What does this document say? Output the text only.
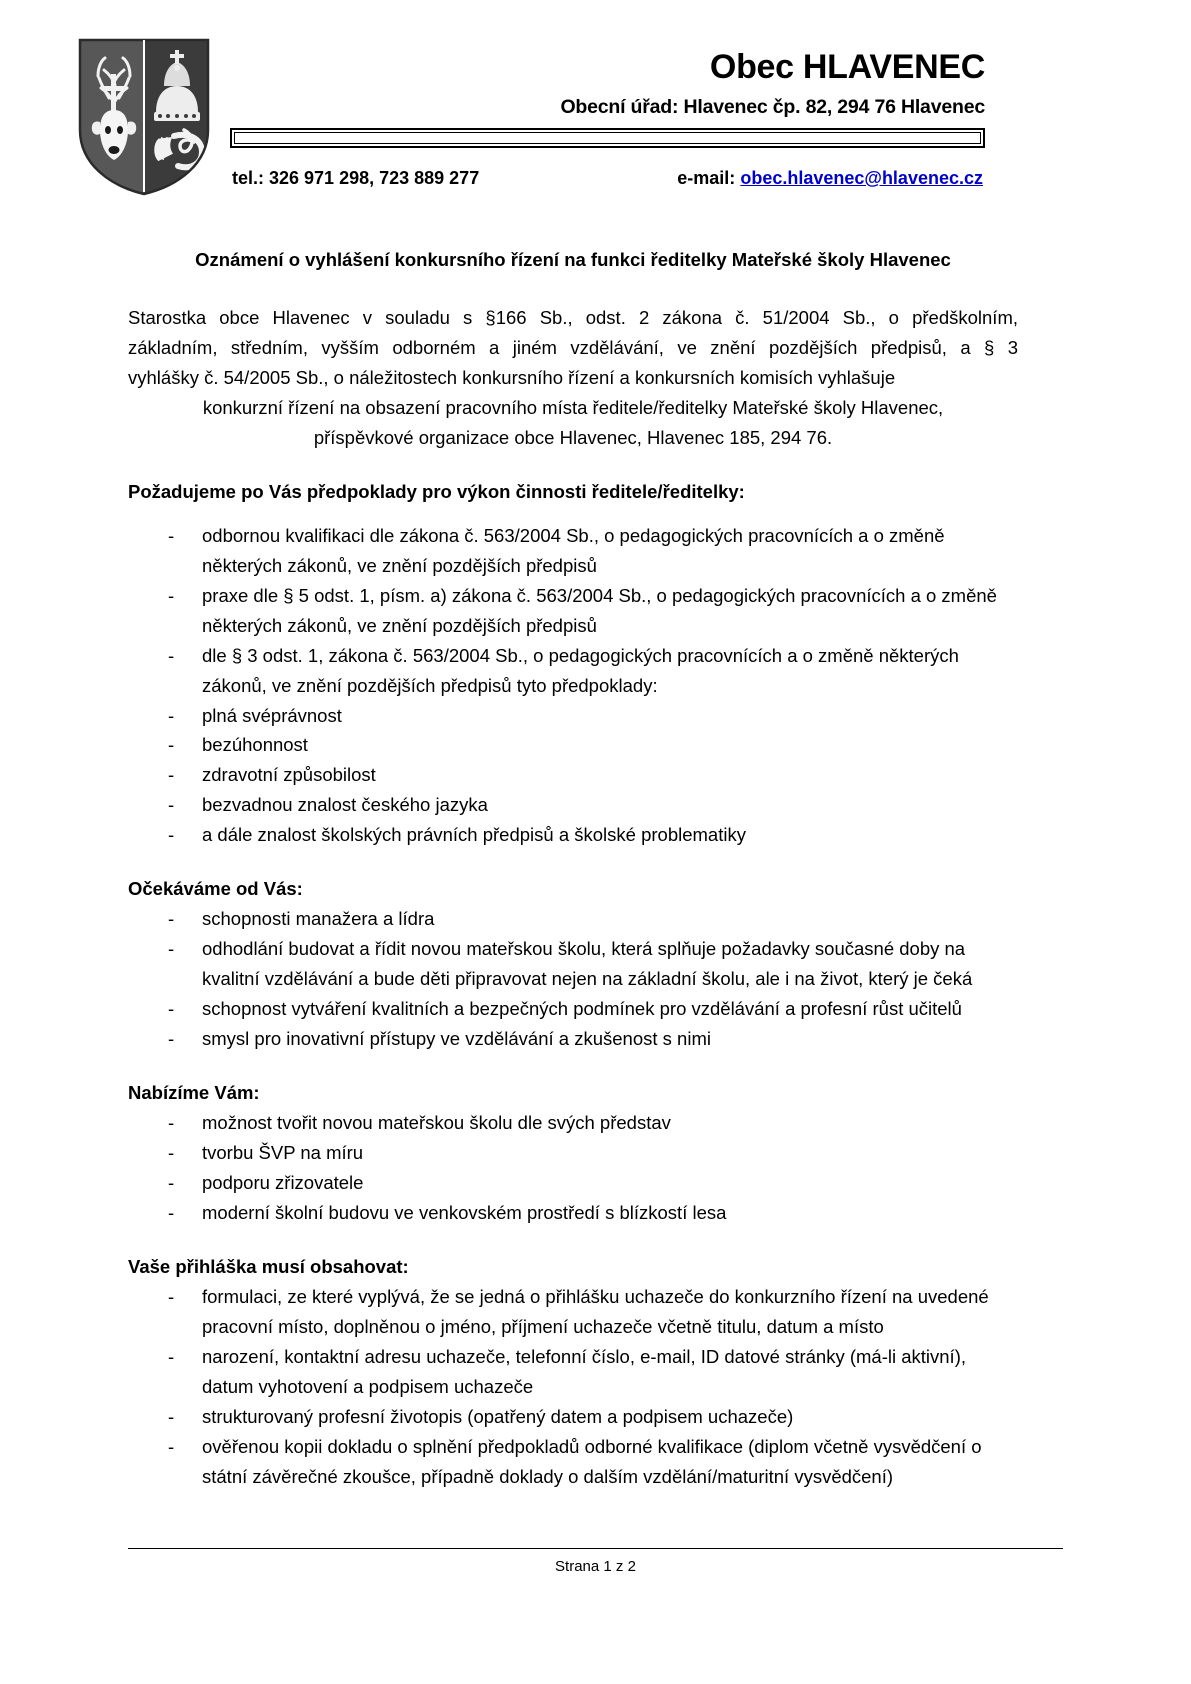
Obec HLAVENEC
Obecní úřad: Hlavenec čp. 82, 294 76 Hlavenec
tel.: 326 971 298, 723 889 277	e-mail: obec.hlavenec@hlavenec.cz
Oznámení o vyhlášení konkursního řízení na funkci ředitelky Mateřské školy Hlavenec

Starostka obce Hlavenec v souladu s §166 Sb., odst. 2 zákona č. 51/2004 Sb., o předškolním,

základním, středním, vyšším odborném a jiném vzdělávání, ve znění pozdějších předpisů, a § 3

vyhlášky č. 54/2005 Sb., o náležitostech konkursního řízení a konkursních komisích vyhlašuje

konkurzní řízení na obsazení pracovního místa ředitele/ředitelky Mateřské školy Hlavenec,

příspěvkové organizace obce Hlavenec, Hlavenec 185, 294 76.

Požadujeme po Vás předpoklady pro výkon činnosti ředitele/ředitelky:
- odbornou kvalifikaci dle zákona č. 563/2004 Sb., o pedagogických pracovnících a o změně některých zákonů, ve znění pozdějších předpisů
- praxe dle § 5 odst. 1, písm. a) zákona č. 563/2004 Sb., o pedagogických pracovnících a o změně některých zákonů, ve znění pozdějších předpisů
- dle § 3 odst. 1, zákona č. 563/2004 Sb., o pedagogických pracovnících a o změně některých zákonů, ve znění pozdějších předpisů tyto předpoklady:
- plná svéprávnost
- bezúhonnost
- zdravotní způsobilost
- bezvadnou znalost českého jazyka
- a dále znalost školských právních předpisů a školské problematiky
Očekáváme od Vás:
- schopnosti manažera a lídra
- odhodlání budovat a řídit novou mateřskou školu, která splňuje požadavky současné doby na kvalitní vzdělávání a bude děti připravovat nejen na základní školu, ale i na život, který je čeká
- schopnost vytváření kvalitních a bezpečných podmínek pro vzdělávání a profesní růst učitelů
- smysl pro inovativní přístupy ve vzdělávání a zkušenost s nimi
Nabízíme Vám:
- možnost tvořit novou mateřskou školu dle svých představ
- tvorbu ŠVP na míru
- podporu zřizovatele
- moderní školní budovu ve venkovském prostředí s blízkostí lesa
Vaše přihláška musí obsahovat:
- formulaci, ze které vyplývá, že se jedná o přihlášku uchazeče do konkurzního řízení na uvedené pracovní místo, doplněnou o jméno, příjmení uchazeče včetně titulu, datum a místo
- narození, kontaktní adresu uchazeče, telefonní číslo, e-mail, ID datové stránky (má-li aktivní), datum vyhotovení a podpisem uchazeče
- strukturovaný profesní životopis (opatřený datem a podpisem uchazeče)
- ověřenou kopii dokladu o splnění předpokladů odborné kvalifikace (diplom včetně vysvědčení o státní závěrečné zkoušce, případně doklady o dalším vzdělání/maturitní vysvědčení)
Strana 1 z 2
